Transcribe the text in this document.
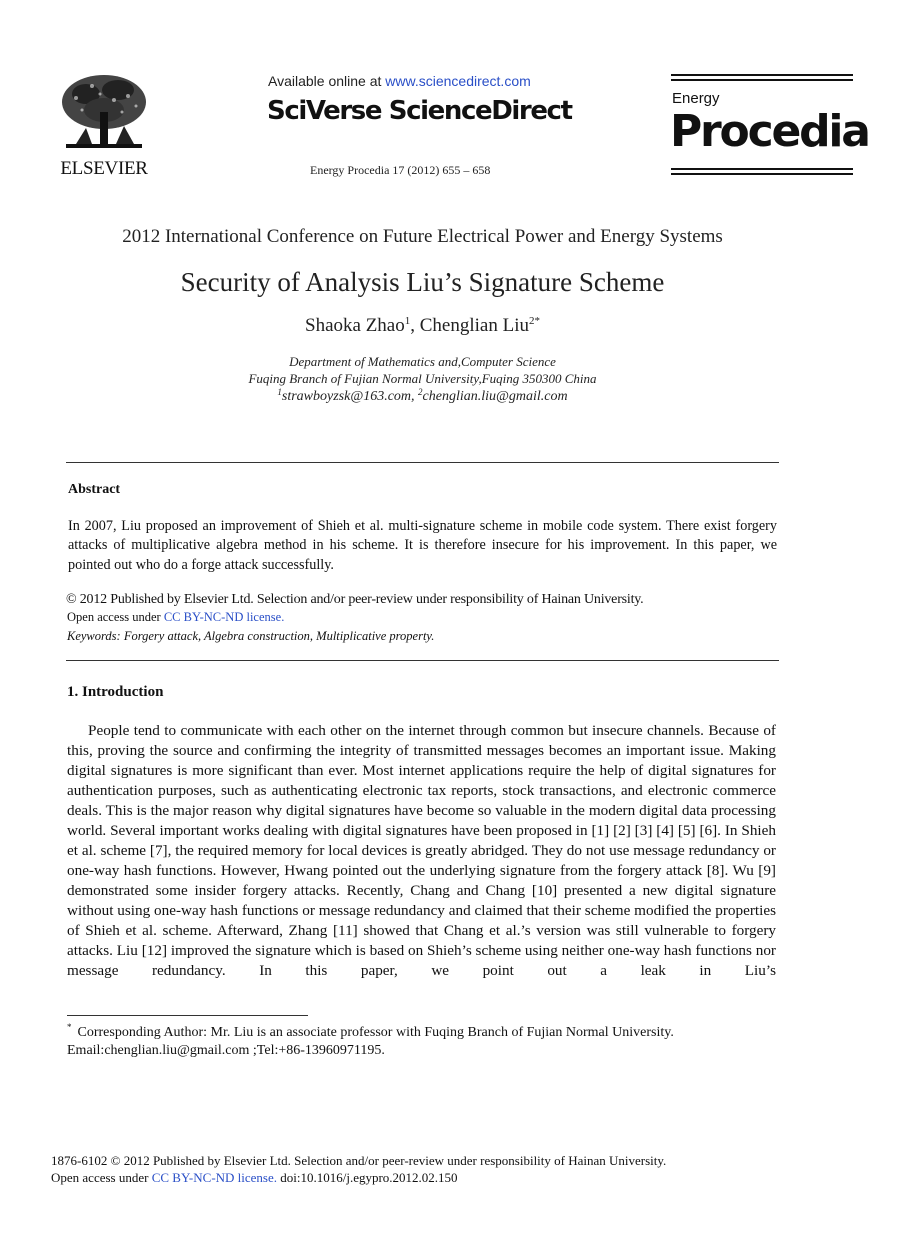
ELSEVIER
Available online at www.sciencedirect.com
SciVerse ScienceDirect
Energy Procedia 17 (2012) 655 – 658
Energy
Procedia
2012 International Conference on Future Electrical Power and Energy Systems
Security of Analysis Liu’s Signature Scheme
Shaoka Zhao$^1$, Chenglian Liu$^{2*}$
Department of Mathematics and,Computer Science
Fuqing Branch of Fujian Normal University,Fuqing 350300 China
$^1$strawboyzsk@163.com, $^2$chenglian.liu@gmail.com
Abstract
In 2007, Liu proposed an improvement of Shieh et al. multi-signature scheme in mobile code system. There exist forgery attacks of multiplicative algebra method in his scheme. It is therefore insecure for his improvement. In this paper, we pointed out who do a forge attack successfully.
© 2012 Published by Elsevier Ltd. Selection and/or peer-review under responsibility of Hainan University.
Open access under CC BY-NC-ND license.
Keywords: Forgery attack, Algebra construction, Multiplicative property.
1. Introduction
People tend to communicate with each other on the internet through common but insecure channels. Because of this, proving the source and confirming the integrity of transmitted messages becomes an important issue. Making digital signatures is more significant than ever. Most internet applications require the help of digital signatures for authentication purposes, such as authenticating electronic tax reports, stock transactions, and electronic commerce deals. This is the major reason why digital signatures have become so valuable in the modern digital data processing world. Several important works dealing with digital signatures have been proposed in [1] [2] [3] [4] [5] [6]. In Shieh et al. scheme [7], the required memory for local devices is greatly abridged. They do not use message redundancy or one-way hash functions. However, Hwang pointed out the underlying signature from the forgery attack [8]. Wu [9] demonstrated some insider forgery attacks. Recently, Chang and Chang [10] presented a new digital signature without using one-way hash functions or message redundancy and claimed that their scheme modified the properties of Shieh et al. scheme. Afterward, Zhang [11] showed that Chang et al.’s version was still vulnerable to forgery attacks. Liu [12] improved the signature which is based on Shieh’s scheme using neither one-way hash functions nor message redundancy. In this paper, we point out a leak in Liu’s
* Corresponding Author: Mr. Liu is an associate professor with Fuqing Branch of Fujian Normal University.
Email:chenglian.liu@gmail.com ;Tel:+86-13960971195.
1876-6102 © 2012 Published by Elsevier Ltd. Selection and/or peer-review under responsibility of Hainan University.
Open access under CC BY-NC-ND license. doi:10.1016/j.egypro.2012.02.150
